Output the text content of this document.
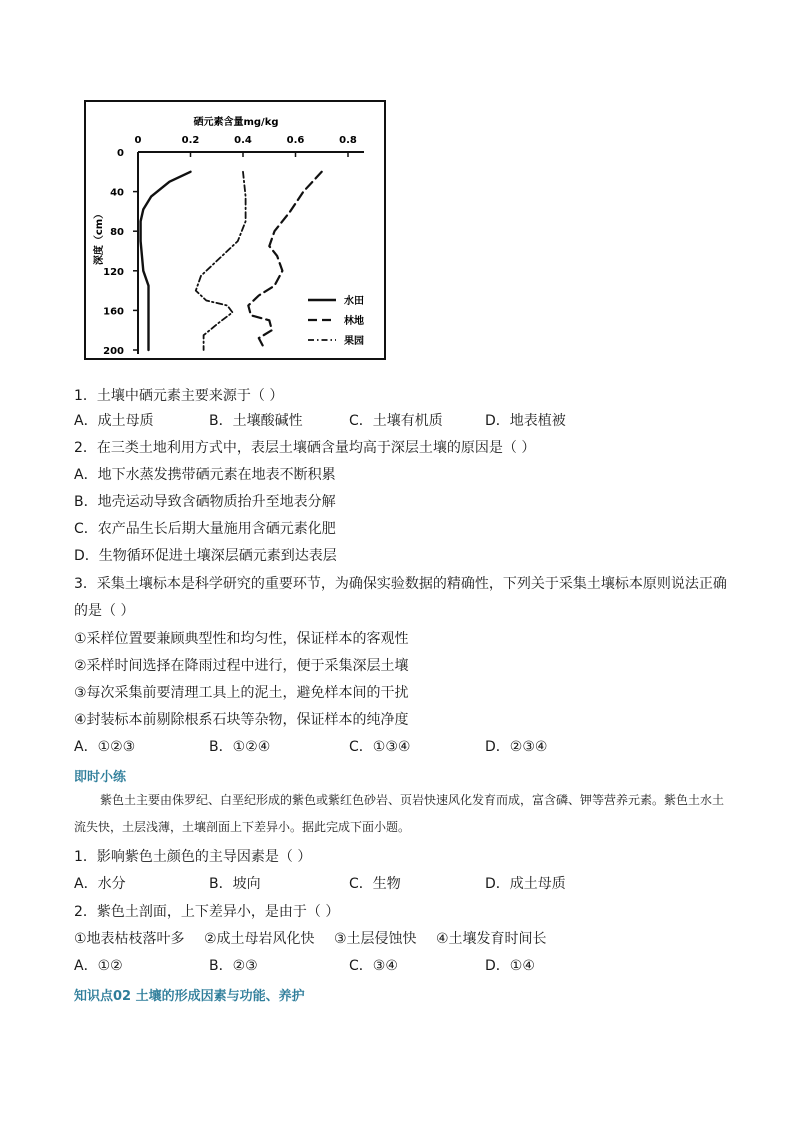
硒元素含量mg/kg
0	0.2	0.4	0.6	0.8
0
40
80
120
160
200
深度（cm）
水田
林地
果园
1．土壤中硒元素主要来源于（ ）
A．成土母质	B．土壤酸碱性	C．土壤有机质	D．地表植被
2．在三类土地利用方式中，表层土壤硒含量均高于深层土壤的原因是（ ）
A．地下水蒸发携带硒元素在地表不断积累
B．地壳运动导致含硒物质抬升至地表分解
C．农产品生长后期大量施用含硒元素化肥
D．生物循环促进土壤深层硒元素到达表层
3．采集土壤标本是科学研究的重要环节，为确保实验数据的精确性，下列关于采集土壤标本原则说法正确
的是（ ）
①采样位置要兼顾典型性和均匀性，保证样本的客观性
②采样时间选择在降雨过程中进行，便于采集深层土壤
③每次采集前要清理工具上的泥土，避免样本间的干扰
④封装标本前剔除根系石块等杂物，保证样本的纯净度
A．①②③	B．①②④	C．①③④	D．②③④
即时小练
紫色土主要由侏罗纪、白垩纪形成的紫色或紫红色砂岩、页岩快速风化发育而成，富含磷、钾等营养元素。紫色土水土流失快，土层浅薄，土壤剖面上下差异小。据此完成下面小题。
1．影响紫色土颜色的主导因素是（ ）
A．水分	B．坡向	C．生物	D．成土母质
2．紫色土剖面，上下差异小，是由于（ ）
①地表枯枝落叶多 ②成土母岩风化快 ③土层侵蚀快 ④土壤发育时间长
A．①②	B．②③	C．③④	D．①④
知识点02 土壤的形成因素与功能、养护
